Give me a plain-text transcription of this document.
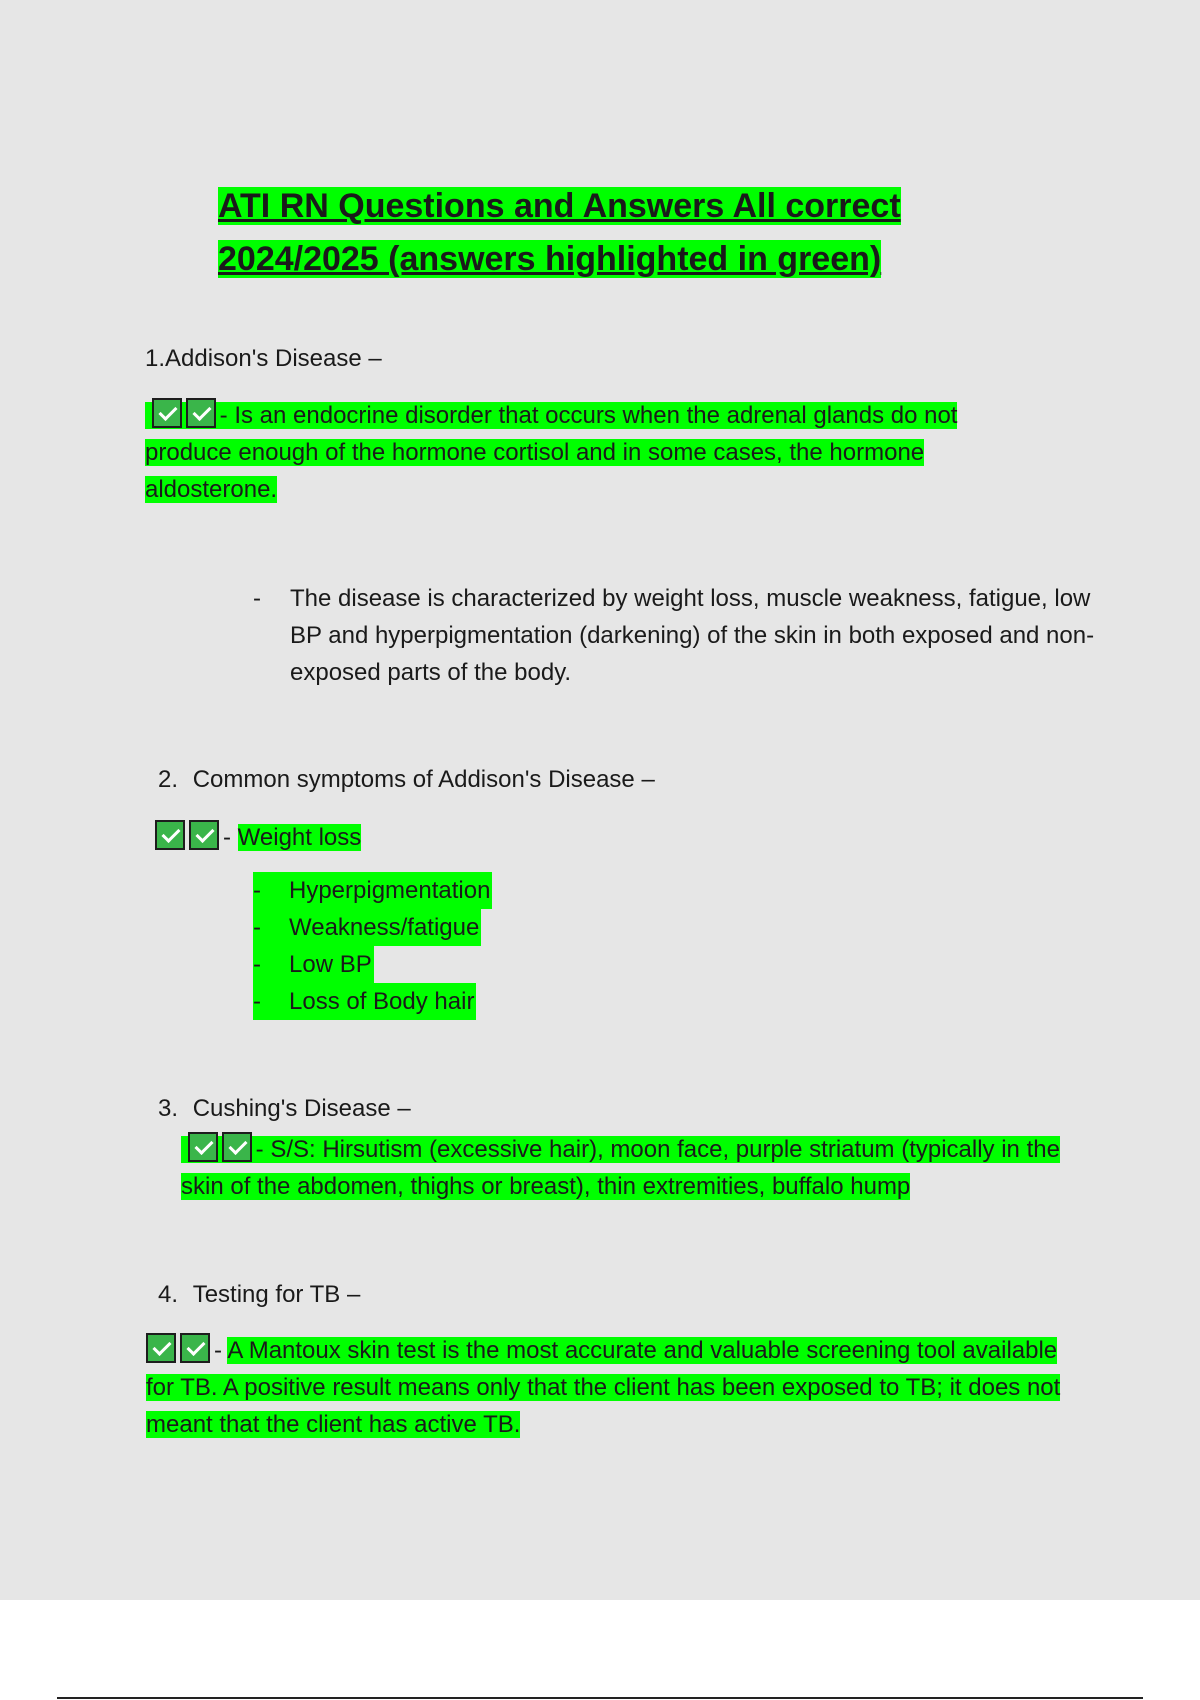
ATI RN Questions and Answers All correct
2024/2025 (answers highlighted in green)
1.Addison's Disease –
- Is an endocrine disorder that occurs when the adrenal glands do not produce enough of the hormone cortisol and in some cases, the hormone aldosterone.
- The disease is characterized by weight loss, muscle weakness, fatigue, low BP and hyperpigmentation (darkening) of the skin in both exposed and non-exposed parts of the body.
2. Common symptoms of Addison's Disease –
- Weight loss
- Hyperpigmentation
- Weakness/fatigue
- Low BP
- Loss of Body hair
3. Cushing's Disease –
- S/S: Hirsutism (excessive hair), moon face, purple striatum (typically in the skin of the abdomen, thighs or breast), thin extremities, buffalo hump
4. Testing for TB –
- A Mantoux skin test is the most accurate and valuable screening tool available for TB. A positive result means only that the client has been exposed to TB; it does not meant that the client has active TB.
